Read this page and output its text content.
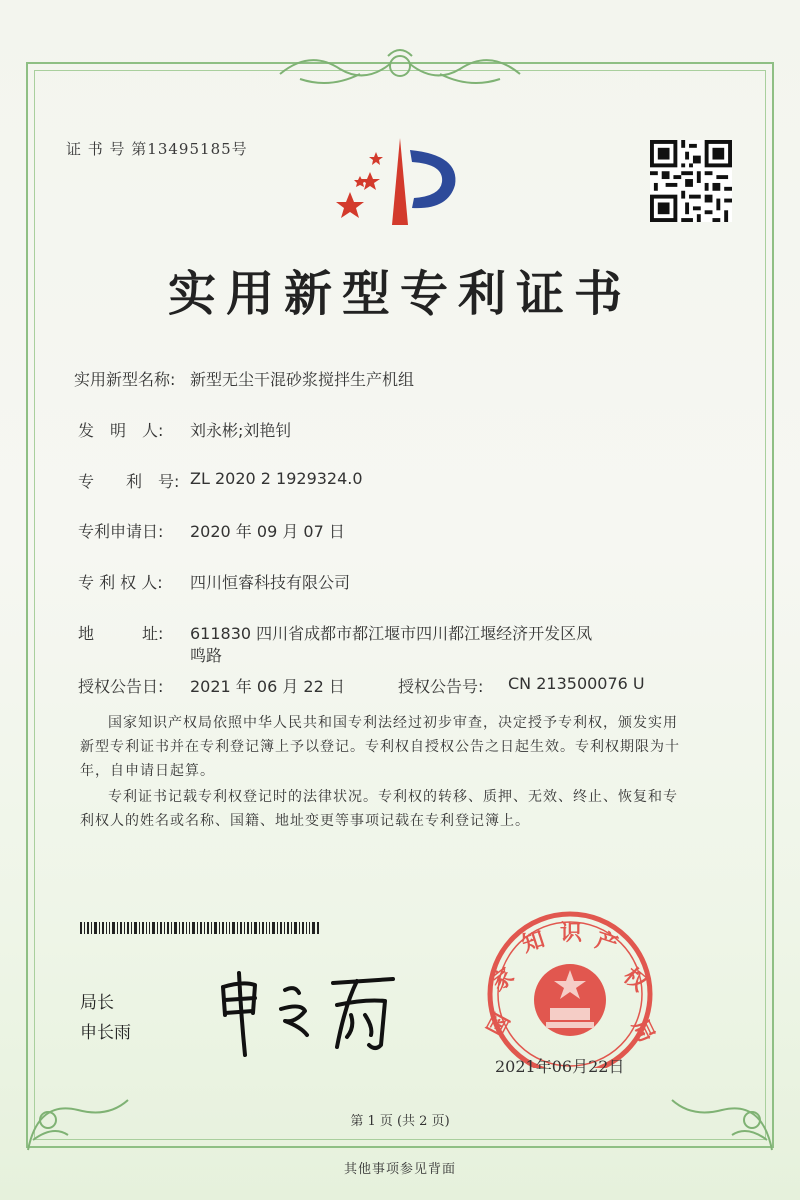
证 书 号 第13495185号
实用新型专利证书
实用新型名称: 新型无尘干混砂浆搅拌生产机组
发　明　人: 刘永彬;刘艳钊
专　　利　号: ZL 2020 2 1929324.0
专利申请日: 2020 年 09 月 07 日
专 利 权 人: 四川恒睿科技有限公司
地　　　址: 611830 四川省成都市都江堰市四川都江堰经济开发区凤
鸣路
授权公告日: 2021 年 06 月 22 日	授权公告号: CN 213500076 U
国家知识产权局依照中华人民共和国专利法经过初步审查，决定授予专利权，颁发实用
新型专利证书并在专利登记簿上予以登记。专利权自授权公告之日起生效。专利权期限为十
年，自申请日起算。
专利证书记载专利权登记时的法律状况。专利权的转移、质押、无效、终止、恢复和专
利权人的姓名或名称、国籍、地址变更等事项记载在专利登记簿上。
局长
申长雨	国
家
知 识 产
权
局
2021年06月22日
第 1 页 (共 2 页)
其他事项参见背面
